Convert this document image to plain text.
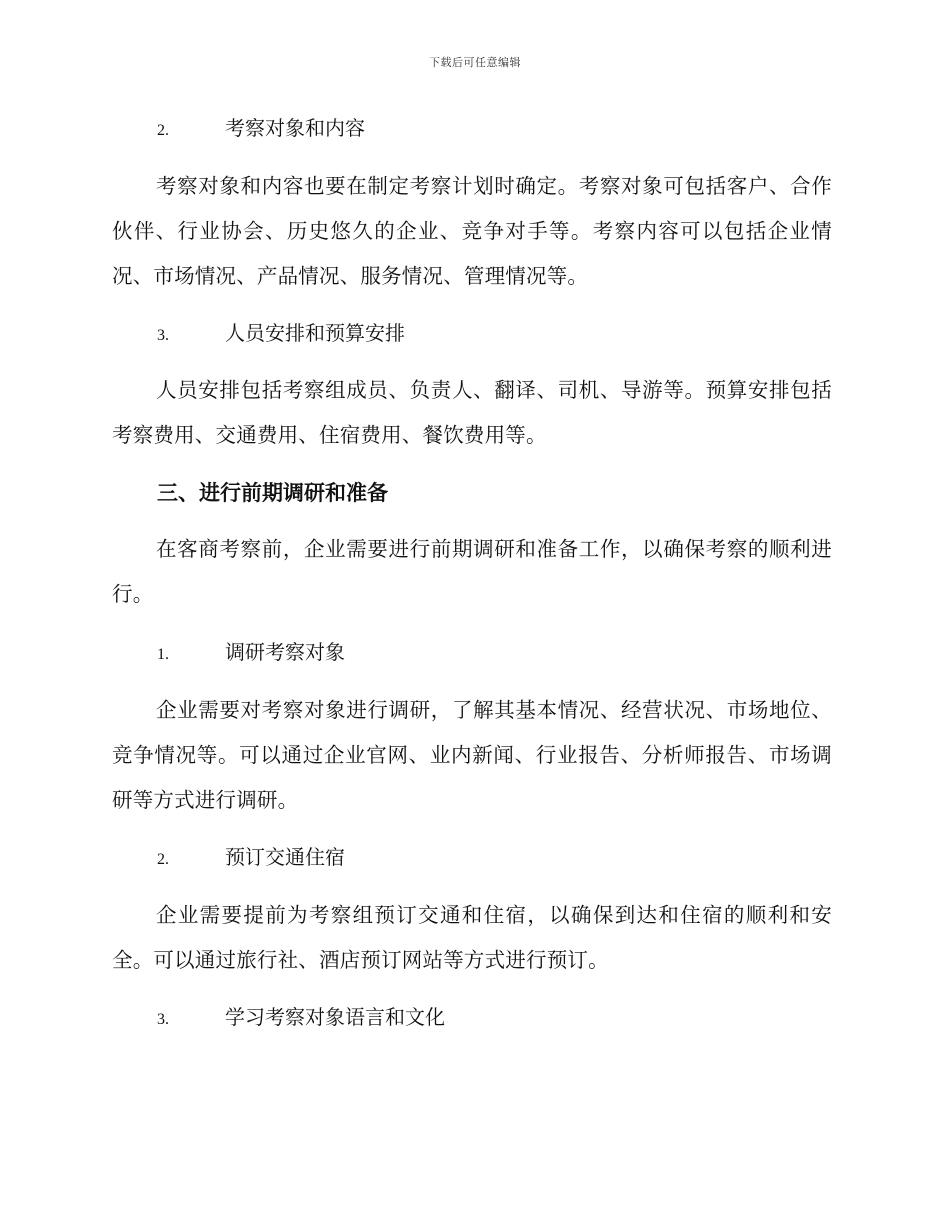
下载后可任意编辑
2.	考察对象和内容
考察对象和内容也要在制定考察计划时确定。考察对象可包括客户、合作伙伴、行业协会、历史悠久的企业、竞争对手等。考察内容可以包括企业情况、市场情况、产品情况、服务情况、管理情况等。
3.	人员安排和预算安排
人员安排包括考察组成员、负责人、翻译、司机、导游等。预算安排包括考察费用、交通费用、住宿费用、餐饮费用等。
三、进行前期调研和准备
在客商考察前，企业需要进行前期调研和准备工作，以确保考察的顺利进行。
1.	调研考察对象
企业需要对考察对象进行调研，了解其基本情况、经营状况、市场地位、竞争情况等。可以通过企业官网、业内新闻、行业报告、分析师报告、市场调研等方式进行调研。
2.	预订交通住宿
企业需要提前为考察组预订交通和住宿，以确保到达和住宿的顺利和安全。可以通过旅行社、酒店预订网站等方式进行预订。
3.	学习考察对象语言和文化
